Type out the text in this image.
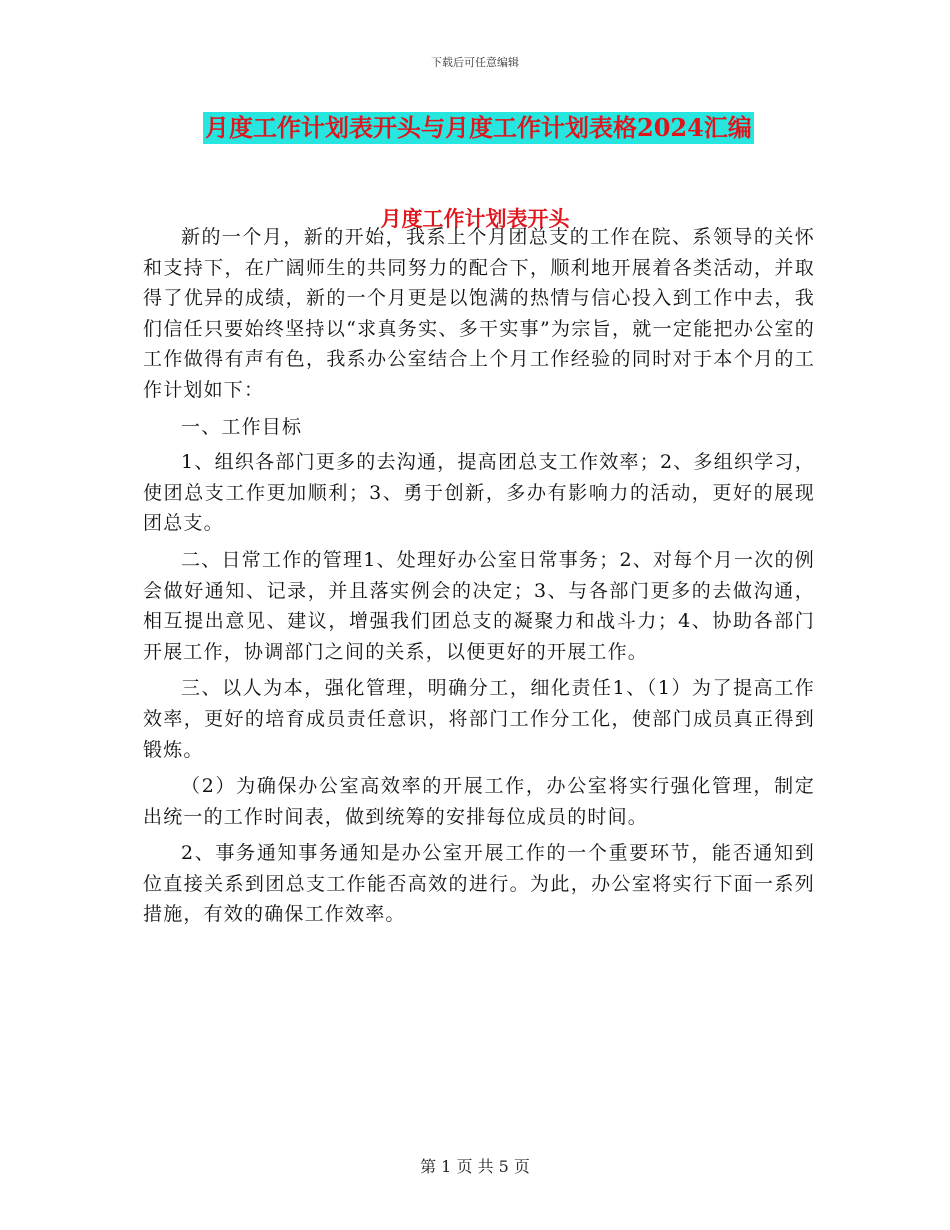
下载后可任意编辑
月度工作计划表开头与月度工作计划表格2024汇编
月度工作计划表开头

新的一个月，新的开始，我系上个月团总支的工作在院、系领导的关怀和支持下，在广阔师生的共同努力的配合下，顺利地开展着各类活动，并取得了优异的成绩，新的一个月更是以饱满的热情与信心投入到工作中去，我们信任只要始终坚持以“求真务实、多干实事”为宗旨，就一定能把办公室的工作做得有声有色，我系办公室结合上个月工作经验的同时对于本个月的工作计划如下：

一、工作目标

1、组织各部门更多的去沟通，提高团总支工作效率；2、多组织学习，使团总支工作更加顺利；3、勇于创新，多办有影响力的活动，更好的展现团总支。

二、日常工作的管理1、处理好办公室日常事务；2、对每个月一次的例会做好通知、记录，并且落实例会的决定；3、与各部门更多的去做沟通，相互提出意见、建议，增强我们团总支的凝聚力和战斗力；4、协助各部门开展工作，协调部门之间的关系，以便更好的开展工作。

三、以人为本，强化管理，明确分工，细化责任1、（1）为了提高工作效率，更好的培育成员责任意识，将部门工作分工化，使部门成员真正得到锻炼。

（2）为确保办公室高效率的开展工作，办公室将实行强化管理，制定出统一的工作时间表，做到统筹的安排每位成员的时间。

2、事务通知事务通知是办公室开展工作的一个重要环节，能否通知到位直接关系到团总支工作能否高效的进行。为此，办公室将实行下面一系列措施，有效的确保工作效率。

第 1 页 共 5 页
